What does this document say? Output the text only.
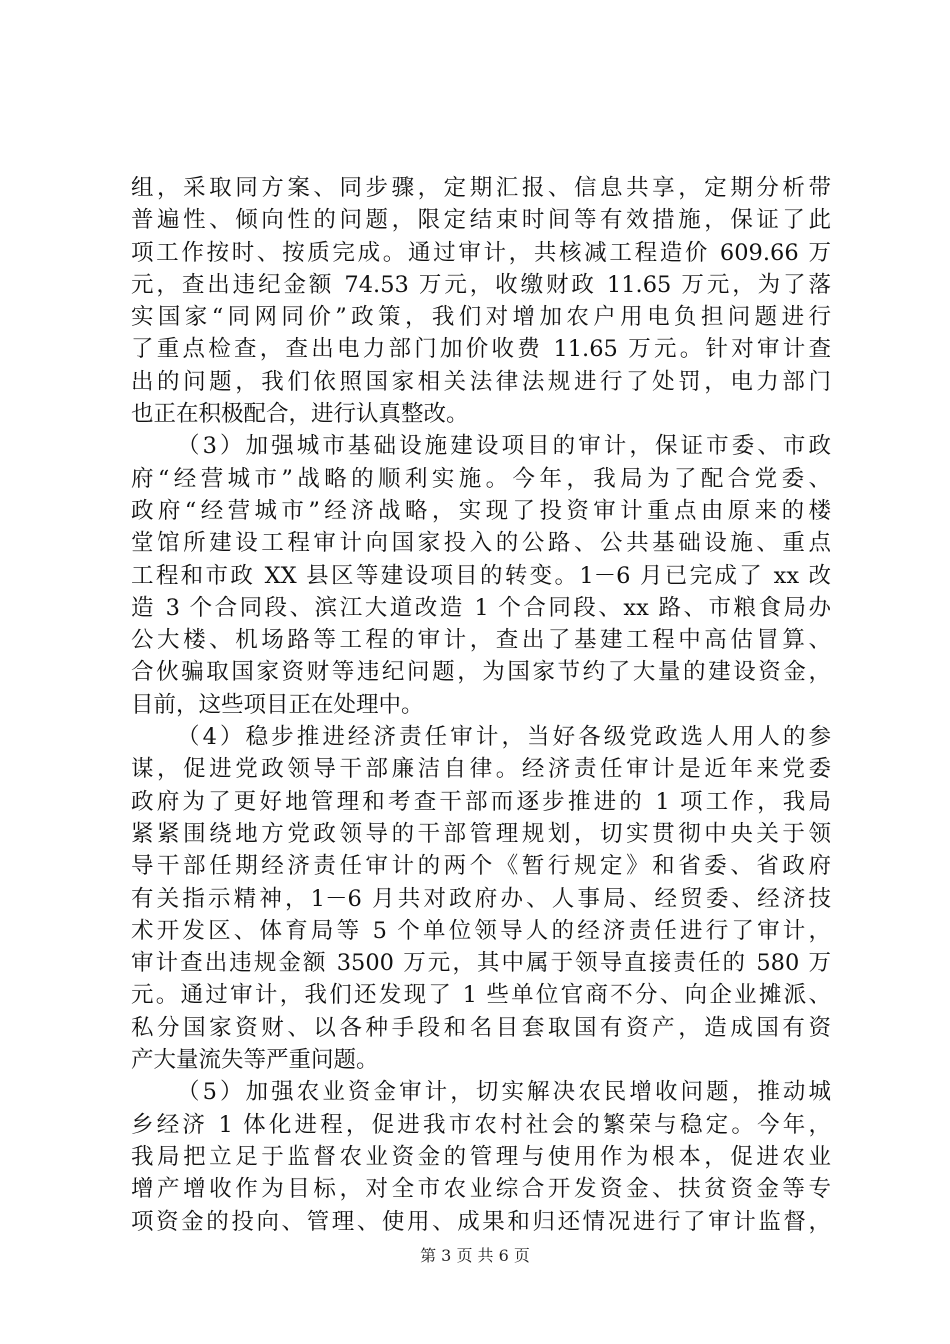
组，采取同方案、同步骤，定期汇报、信息共享，定期分析带
普遍性、倾向性的问题，限定结束时间等有效措施，保证了此
项工作按时、按质完成。通过审计，共核减工程造价 609.66 万
元，查出违纪金额 74.53 万元，收缴财政 11.65 万元，为了落
实国家“同网同价”政策，我们对增加农户用电负担问题进行
了重点检查，查出电力部门加价收费 11.65 万元。针对审计查
出的问题，我们依照国家相关法律法规进行了处罚，电力部门
也正在积极配合，进行认真整改。
（3）加强城市基础设施建设项目的审计，保证市委、市政
府“经营城市”战略的顺利实施。今年，我局为了配合党委、
政府“经营城市”经济战略，实现了投资审计重点由原来的楼
堂馆所建设工程审计向国家投入的公路、公共基础设施、重点
工程和市政 XX 县区等建设项目的转变。1－6 月已完成了 xx 改
造 3 个合同段、滨江大道改造 1 个合同段、xx 路、市粮食局办
公大楼、机场路等工程的审计，查出了基建工程中高估冒算、
合伙骗取国家资财等违纪问题，为国家节约了大量的建设资金，
目前，这些项目正在处理中。
（4）稳步推进经济责任审计，当好各级党政选人用人的参
谋，促进党政领导干部廉洁自律。经济责任审计是近年来党委
政府为了更好地管理和考查干部而逐步推进的 1 项工作，我局
紧紧围绕地方党政领导的干部管理规划，切实贯彻中央关于领
导干部任期经济责任审计的两个《暂行规定》和省委、省政府
有关指示精神，1－6 月共对政府办、人事局、经贸委、经济技
术开发区、体育局等 5 个单位领导人的经济责任进行了审计，
审计查出违规金额 3500 万元，其中属于领导直接责任的 580 万
元。通过审计，我们还发现了 1 些单位官商不分、向企业摊派、
私分国家资财、以各种手段和名目套取国有资产，造成国有资
产大量流失等严重问题。
（5）加强农业资金审计，切实解决农民增收问题，推动城
乡经济 1 体化进程，促进我市农村社会的繁荣与稳定。今年，
我局把立足于监督农业资金的管理与使用作为根本，促进农业
增产增收作为目标，对全市农业综合开发资金、扶贫资金等专
项资金的投向、管理、使用、成果和归还情况进行了审计监督，
第 3 页 共 6 页
